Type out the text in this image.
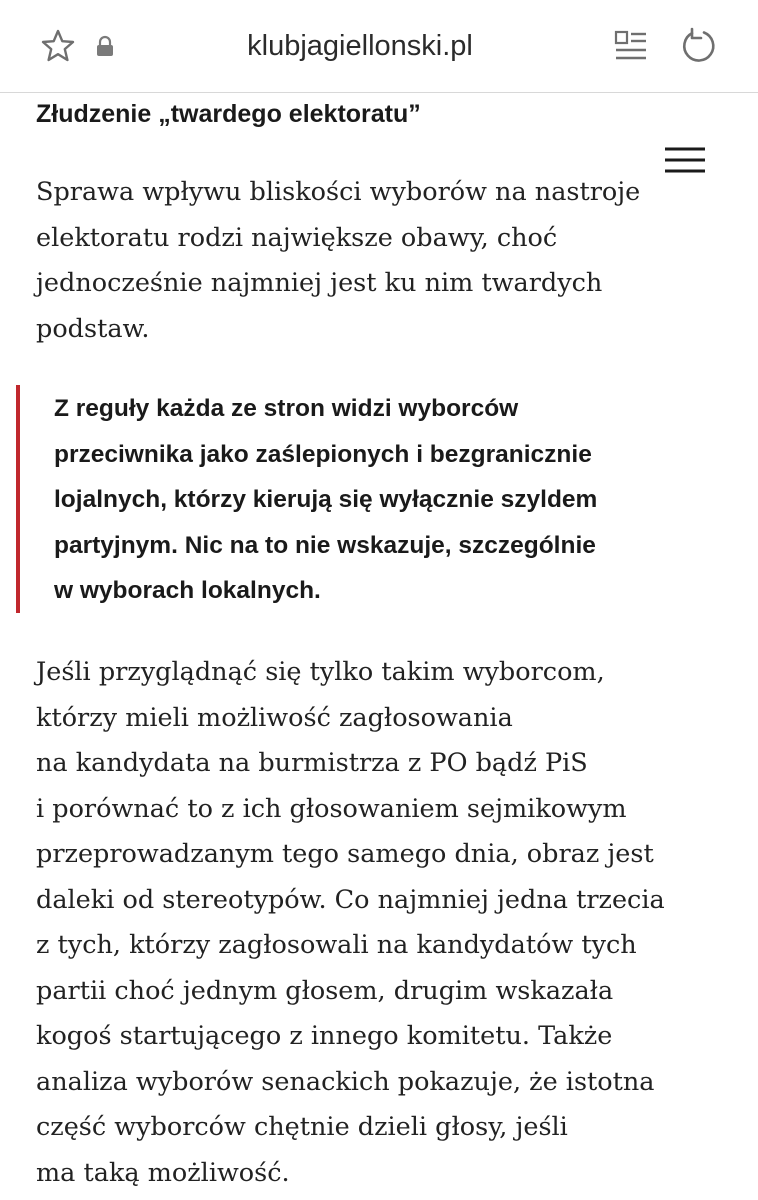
klubjagiellonski.pl
Złudzenie „twardego elektoratu”

Sprawa wpływu bliskości wyborów na nastroje
elektoratu rodzi największe obawy, choć
jednocześnie najmniej jest ku nim twardych
podstaw.

Z reguły każda ze stron widzi wyborców
przeciwnika jako zaślepionych i bezgranicznie
lojalnych, którzy kierują się wyłącznie szyldem
partyjnym. Nic na to nie wskazuje, szczególnie
w wyborach lokalnych.

Jeśli przyglądnąć się tylko takim wyborcom,
którzy mieli możliwość zagłosowania
na kandydata na burmistrza z PO bądź PiS
i porównać to z ich głosowaniem sejmikowym
przeprowadzanym tego samego dnia, obraz jest
daleki od stereotypów. Co najmniej jedna trzecia
z tych, którzy zagłosowali na kandydatów tych
partii choć jednym głosem, drugim wskazała
kogoś startującego z innego komitetu. Także
analiza wyborów senackich pokazuje, że istotna
część wyborców chętnie dzieli głosy, jeśli
ma taką możliwość.
